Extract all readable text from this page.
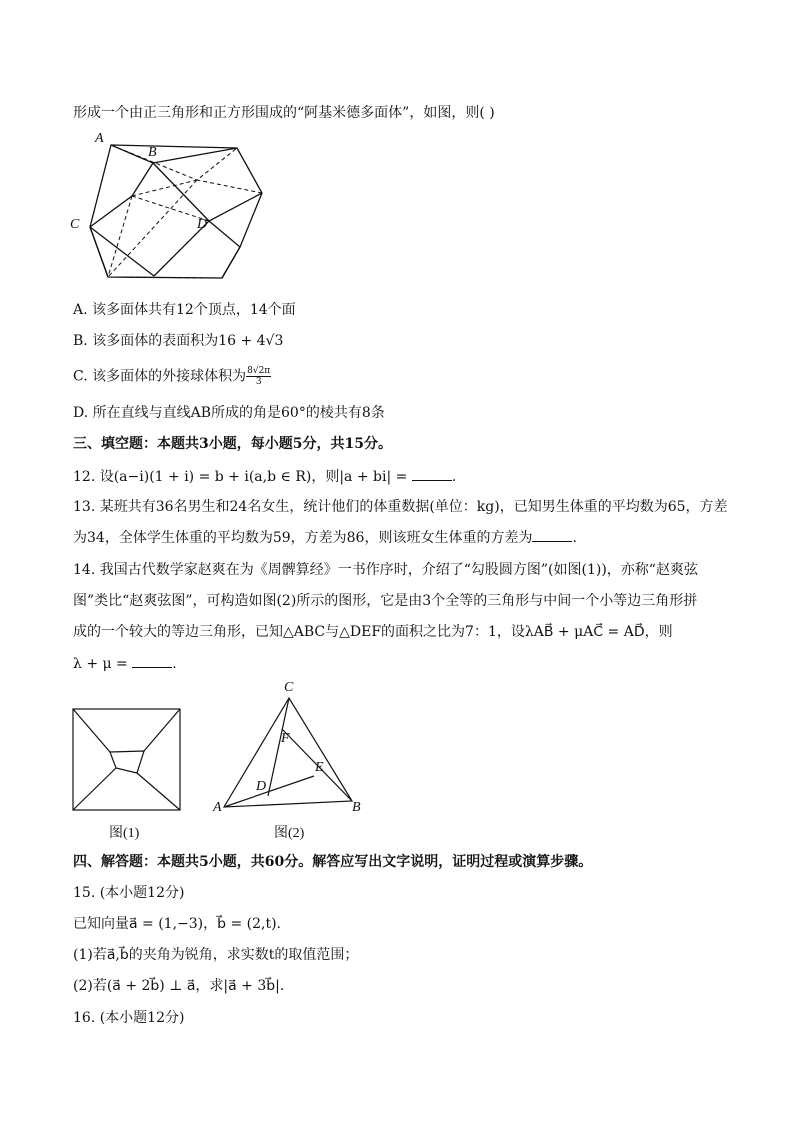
形成一个由正三角形和正方形围成的“阿基米德多面体”，如图，则( )
A
B
C	D
A. 该多面体共有12个顶点，14个面
B. 该多面体的表面积为16 + 4√3
C. 该多面体的外接球体积为 $\frac{8√2\pi}{3}$
D. 所在直线与直线AB所成的角是60°的棱共有8条
三、填空题：本题共3小题，每小题5分，共15分。
12. 设(a−i)(1 + i) = b + i(a,b ∈ R)，则|a + bi| =	.
13. 某班共有36名男生和24名女生，统计他们的体重数据(单位：kg)，已知男生体重的平均数为65，方差
为34，全体学生体重的平均数为59，方差为86，则该班女生体重的方差为	.
14. 我国古代数学家赵爽在为《周髀算经》一书作序时，介绍了“勾股圆方图”(如图(1))，亦称“赵爽弦
图”类比“赵爽弦图”，可构造如图(2)所示的图形，它是由3个全等的三角形与中间一个小等边三角形拼
成的一个较大的等边三角形，已知△ABC与△DEF的面积之比为7：1，设λAB⃗ + μAC⃗ = AD⃗，则
λ + μ =	.
图(1)
C
F
E
D
A	B
图(2)
四、解答题：本题共5小题，共60分。解答应写出文字说明，证明过程或演算步骤。
15. (本小题12分)
已知向量a⃗ = (1,−3)，b⃗ = (2,t).
(1)若a⃗,b⃗的夹角为锐角，求实数t的取值范围；
(2)若(a⃗ + 2b⃗) ⊥ a⃗，求|a⃗ + 3b⃗|.
16. (本小题12分)
